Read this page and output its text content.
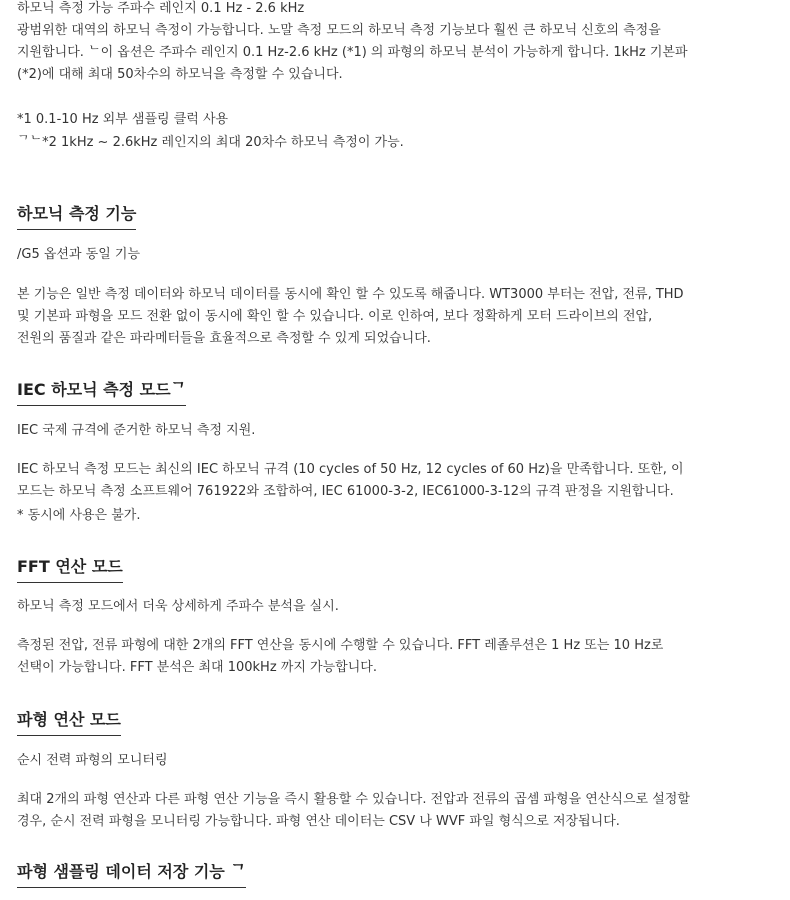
하모닉 측정 가능 주파수 레인지 0.1 Hz - 2.6 kHz

광범위한 대역의 하모닉 측정이 가능합니다. 노말 측정 모드의 하모닉 측정 기능보다 훨씬 큰 하모닉 신호의 측정을

지원합니다. ᄂ이 옵션은 주파수 레인지 0.1 Hz-2.6 kHz (*1) 의 파형의 하모닉 분석이 가능하게 합니다. 1kHz 기본파

(*2)에 대해 최대 50차수의 하모닉을 측정할 수 있습니다.

*1 0.1-10 Hz 외부 샘플링 클럭 사용

ᄀᄂ*2 1kHz ~ 2.6kHz 레인지의 최대 20차수 하모닉 측정이 가능.

하모닉 측정 기능

/G5 옵션과 동일 기능

본 기능은 일반 측정 데이터와 하모닉 데이터를 동시에 확인 할 수 있도록 해줍니다. WT3000 부터는 전압, 전류, THD

및 기본파 파형을 모드 전환 없이 동시에 확인 할 수 있습니다. 이로 인하여, 보다 정확하게 모터 드라이브의 전압,

전원의 품질과 같은 파라메터들을 효율적으로 측정할 수 있게 되었습니다.

IEC 하모닉 측정 모드ᄀ

IEC 국제 규격에 준거한 하모닉 측정 지원.

IEC 하모닉 측정 모드는 최신의 IEC 하모닉 규격 (10 cycles of 50 Hz, 12 cycles of 60 Hz)을 만족합니다. 또한, 이

모드는 하모닉 측정 소프트웨어 761922와 조합하여, IEC 61000-3-2, IEC61000-3-12의 규격 판정을 지원합니다.

* 동시에 사용은 불가.

FFT 연산 모드

하모닉 측정 모드에서 더욱 상세하게 주파수 분석을 실시.

측정된 전압, 전류 파형에 대한 2개의 FFT 연산을 동시에 수행할 수 있습니다. FFT 레졸루션은 1 Hz 또는 10 Hz로

선택이 가능합니다. FFT 분석은 최대 100kHz 까지 가능합니다.

파형 연산 모드

순시 전력 파형의 모니터링

최대 2개의 파형 연산과 다른 파형 연산 기능을 즉시 활용할 수 있습니다. 전압과 전류의 곱셈 파형을 연산식으로 설정할

경우, 순시 전력 파형을 모니터링 가능합니다. 파형 연산 데이터는 CSV 나 WVF 파일 형식으로 저장됩니다.

파형 샘플링 데이터 저장 기능 ᄀ
